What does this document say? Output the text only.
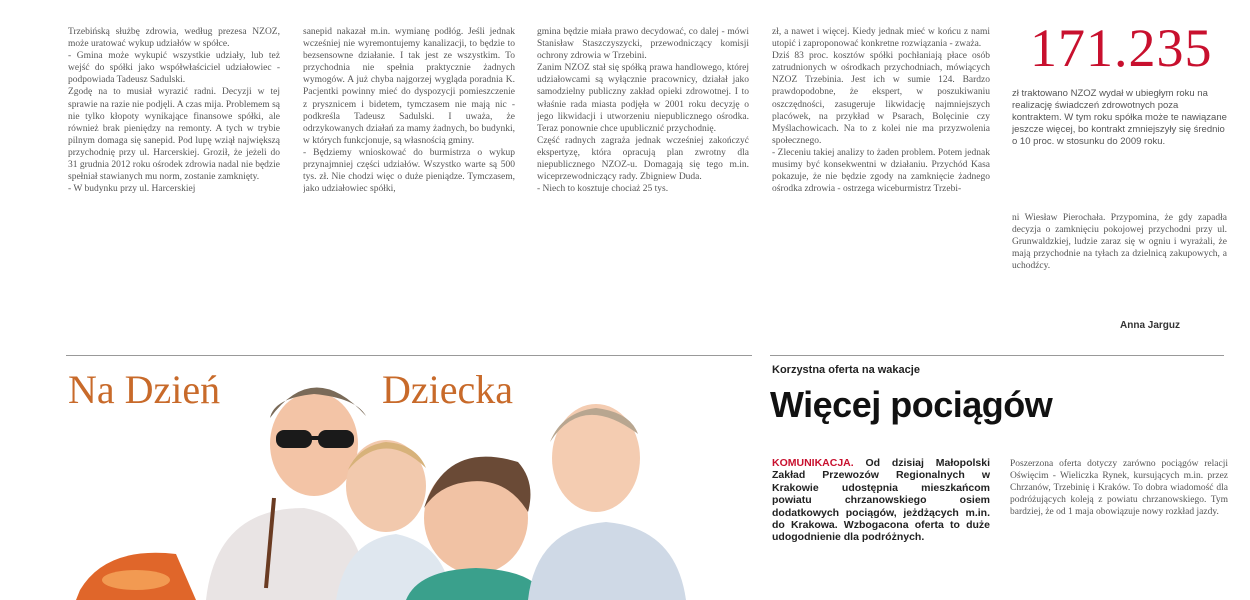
Trzebińską służbę zdrowia, według prezesa NZOZ, może uratować wykup udziałów w spółce.
- Gmina może wykupić wszystkie udziały, lub też wejść do spółki jako współwłaściciel udziałowiec - podpowiada Tadeusz Sadulski.
Zgodę na to musiał wyrazić radni. Decyzji w tej sprawie na razie nie podjęli. A czas mija. Problemem są nie tylko kłopoty wynikające finansowe spółki, ale również brak pieniędzy na remonty. A tych w trybie pilnym domaga się sanepid. Pod lupę wziął największą przychodnię przy ul. Harcerskiej. Groził, że jeżeli do 31 grudnia 2012 roku ośrodek zdrowia nadal nie będzie spełniał stawianych mu norm, zostanie zamknięty.
- W budynku przy ul. Harcerskiej

sanepid nakazał m.in. wymianę podłóg. Jeśli jednak wcześniej nie wyremontujemy kanalizacji, to będzie to bezsensowne działanie. I tak jest ze wszystkim. To przychodnia nie spełnia praktycznie żadnych wymogów. A już chyba najgorzej wygląda poradnia K. Pacjentki powinny mieć do dyspozycji pomieszczenie z prysznicem i bidetem, tymczasem nie mają nic - podkreśla Tadeusz Sadulski. I uważa, że odrzykowanych działań za mamy żadnych, bo budynki, w których funkcjonuje, są własnością gminy.
- Będziemy wnioskować do burmistrza o wykup przynajmniej części udziałów. Wszystko warte są 500 tys. zł. Nie chodzi więc o duże pieniądze. Tymczasem, jako udziałowiec spółki,

gmina będzie miała prawo decydować, co dalej - mówi Stanisław Staszczyszycki, przewodniczący komisji ochrony zdrowia w Trzebini.
Zanim NZOZ stał się spółką prawa handlowego, której udziałowcami są wyłącznie pracownicy, działał jako samodzielny publiczny zakład opieki zdrowotnej. I to właśnie rada miasta podjęła w 2001 roku decyzję o jego likwidacji i utworzeniu niepublicznego ośrodka. Teraz ponownie chce upublicznić przychodnię.
Część radnych zagraża jednak wcześniej zakończyć ekspertyzę, która opracują plan zwrotny dla niepublicznego NZOZ-u. Domagają się tego m.in. wiceprzewodniczący rady. Zbigniew Duda.
- Niech to kosztuje chociaż 25 tys.

zł, a nawet i więcej. Kiedy jednak mieć w końcu z nami utopić i zaproponować konkretne rozwiązania - zważa.
Dziś 83 proc. kosztów spółki pochłaniają płace osób zatrudnionych w ośrodkach przychodniach, mówiących NZOZ Trzebinia. Jest ich w sumie 124. Bardzo prawdopodobne, że ekspert, w poszukiwaniu oszczędności, zasugeruje likwidację najmniejszych placówek, na przykład w Psarach, Bolęcinie czy Myślachowicach. Na to z kolei nie ma przyzwolenia społecznego.
- Zleceniu takiej analizy to żaden problem. Potem jednak musimy być konsekwentni w działaniu. Przychód Kasa pokazuje, że nie będzie zgody na zamknięcie żadnego ośrodka zdrowia - ostrzega wiceburmistrz Trzebi-

171.235
zł traktowano NZOZ wydał w ubiegłym roku na realizację świadczeń zdrowotnych poza kontraktem. W tym roku spółka może te nawiązane jeszcze więcej, bo kontrakt zmniejszyły się średnio o 10 proc. w stosunku do 2009 roku.
ni Wiesław Pierochała. Przypomina, że gdy zapadła decyzja o zamknięciu pokojowej przychodni przy ul. Grunwaldzkiej, ludzie zaraz się w ogniu i wyrażali, że mają przychodnie na tyłach za dzielnicą zakupowych, a uchodźcy.
Anna Jarguz
Na Dzień	Dziecka	Korzystna oferta na wakacje
Więcej pociągów
KOMUNIKACJA. Od dzisiaj Małopolski Zakład Przewozów Regionalnych w Krakowie udostępnia mieszkańcom powiatu chrzanowskiego osiem dodatkowych pociągów, jeżdżących m.in. do Krakowa. Wzbogacona oferta to duże udogodnienie dla podróżnych.
Poszerzona oferta dotyczy zarówno pociągów relacji Oświęcim - Wieliczka Rynek, kursujących m.in. przez Chrzanów, Trzebinię i Kraków. To dobra wiadomość dla podróżujących koleją z powiatu chrzanowskiego. Tym bardziej, że od 1 maja obowiązuje nowy rozkład jazdy.
